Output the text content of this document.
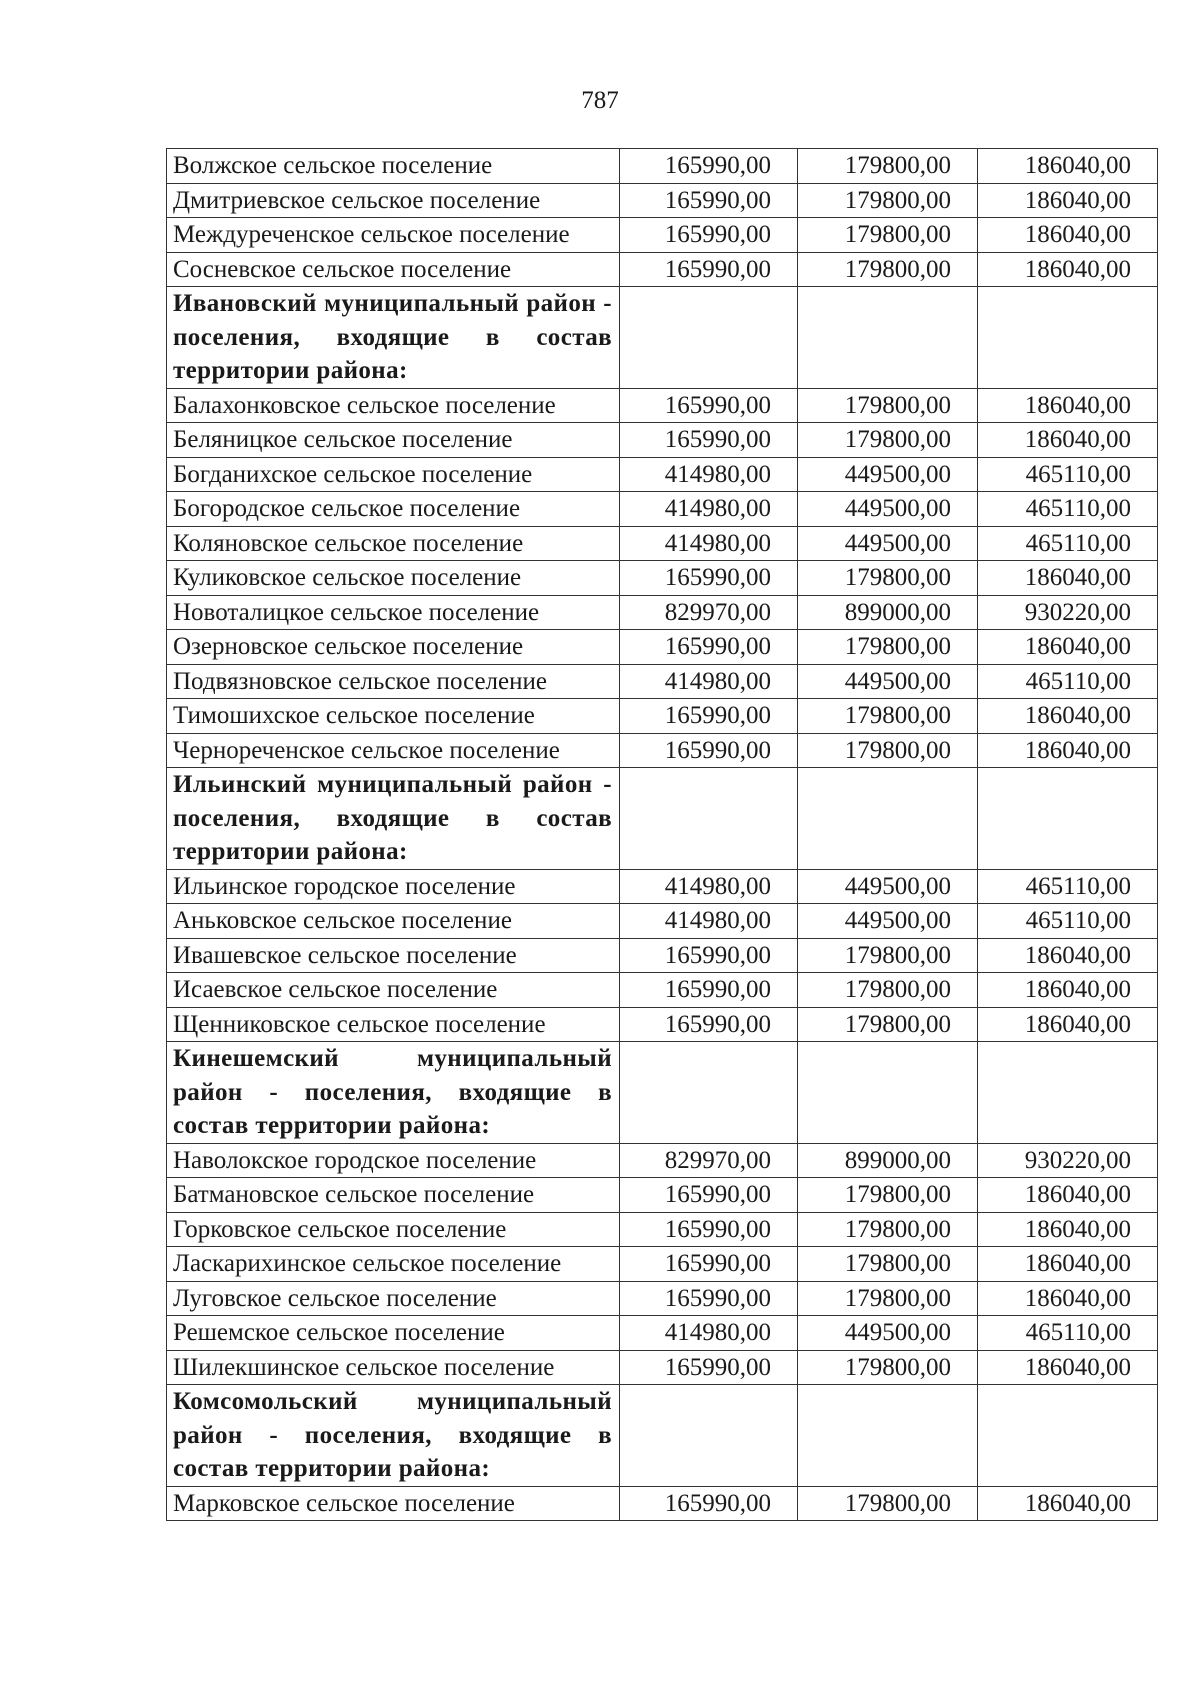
787
Волжское сельское поселение	165990,00	179800,00	186040,00
Дмитриевское сельское поселение	165990,00	179800,00	186040,00
Междуреченское сельское поселение	165990,00	179800,00	186040,00
Сосневское сельское поселение	165990,00	179800,00	186040,00
Ивановский муниципальный район - поселения, входящие в состав территории района:			
Балахонковское сельское поселение	165990,00	179800,00	186040,00
Беляницкое сельское поселение	165990,00	179800,00	186040,00
Богданихское сельское поселение	414980,00	449500,00	465110,00
Богородское сельское поселение	414980,00	449500,00	465110,00
Коляновское сельское поселение	414980,00	449500,00	465110,00
Куликовское сельское поселение	165990,00	179800,00	186040,00
Новоталицкое сельское поселение	829970,00	899000,00	930220,00
Озерновское сельское поселение	165990,00	179800,00	186040,00
Подвязновское сельское поселение	414980,00	449500,00	465110,00
Тимошихское сельское поселение	165990,00	179800,00	186040,00
Чернореченское сельское поселение	165990,00	179800,00	186040,00
Ильинский муниципальный район - поселения, входящие в состав территории района:			
Ильинское городское поселение	414980,00	449500,00	465110,00
Аньковское сельское поселение	414980,00	449500,00	465110,00
Ивашевское сельское поселение	165990,00	179800,00	186040,00
Исаевское сельское поселение	165990,00	179800,00	186040,00
Щенниковское сельское поселение	165990,00	179800,00	186040,00
Кинешемский муниципальный район - поселения, входящие в состав территории района:			
Наволокское городское поселение	829970,00	899000,00	930220,00
Батмановское сельское поселение	165990,00	179800,00	186040,00
Горковское сельское поселение	165990,00	179800,00	186040,00
Ласкарихинское сельское поселение	165990,00	179800,00	186040,00
Луговское сельское поселение	165990,00	179800,00	186040,00
Решемское сельское поселение	414980,00	449500,00	465110,00
Шилекшинское сельское поселение	165990,00	179800,00	186040,00
Комсомольский муниципальный район - поселения, входящие в состав территории района:			
Марковское сельское поселение	165990,00	179800,00	186040,00
